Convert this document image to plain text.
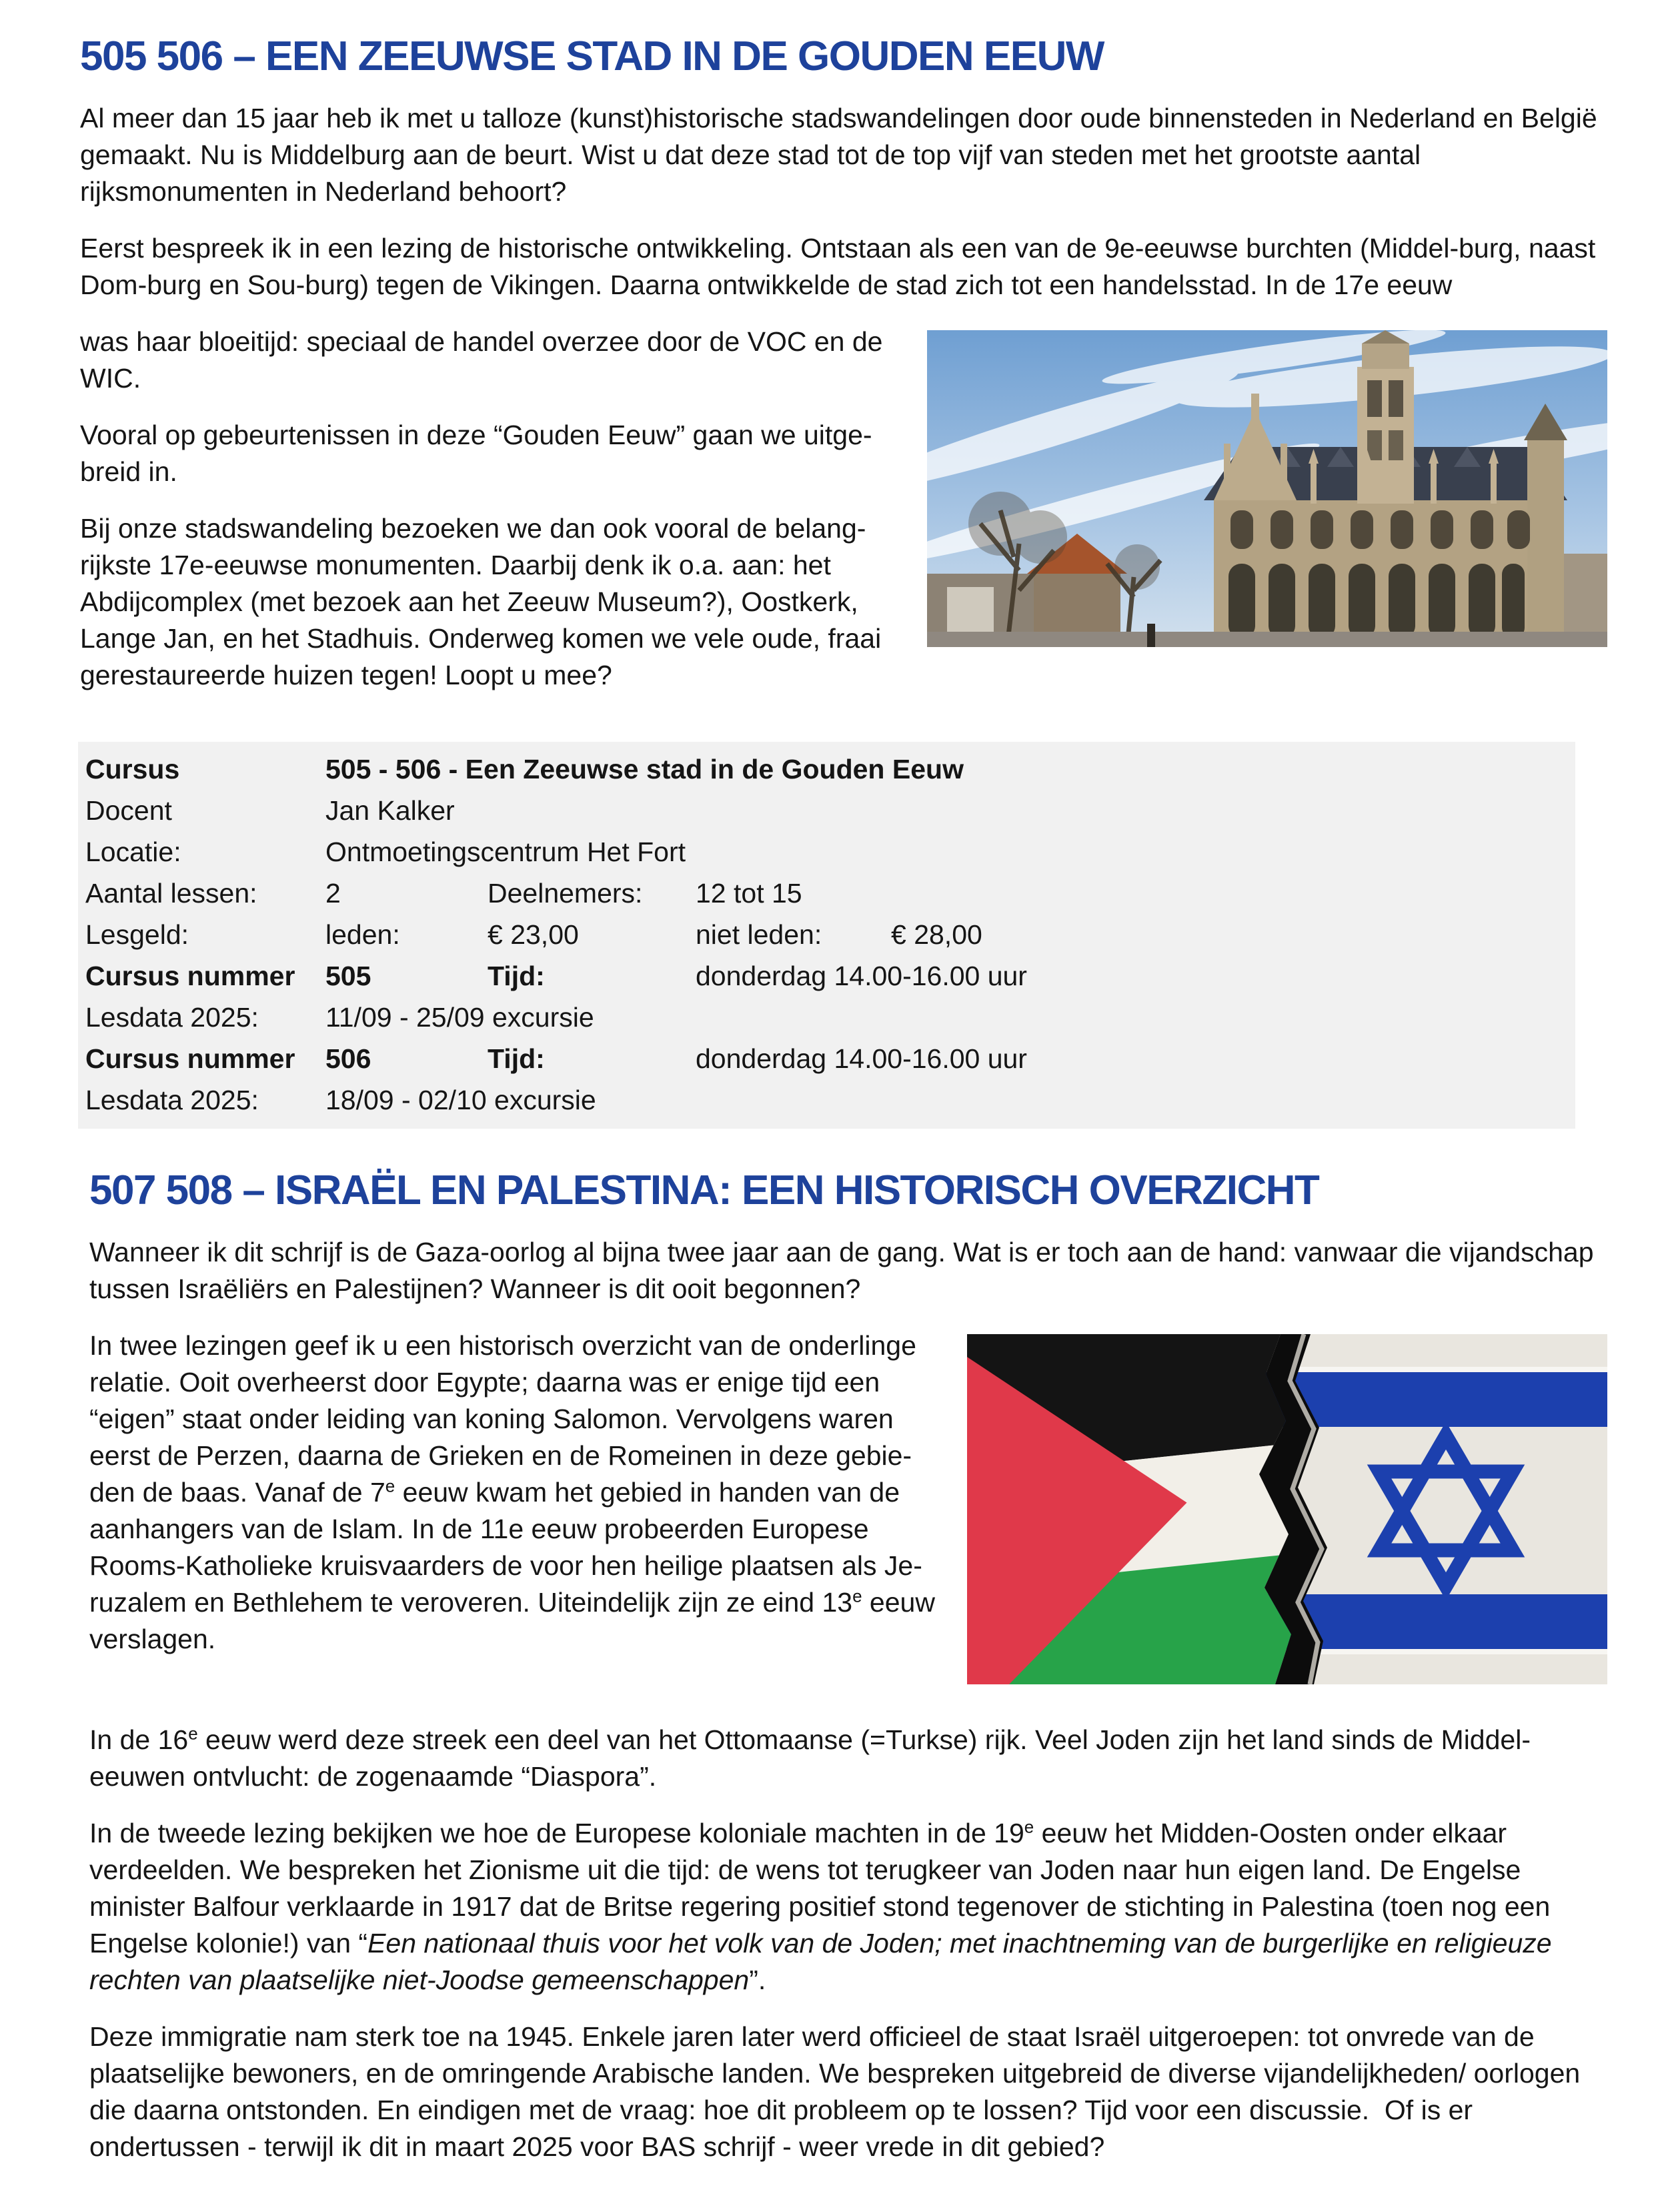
505 506 – EEN ZEEUWSE STAD IN DE GOUDEN EEUW

Al meer dan 15 jaar heb ik met u talloze (kunst)historische stadswandelingen door oude binnensteden in Nederland en België gemaakt. Nu is Middelburg aan de beurt. Wist u dat deze stad tot de top vijf van steden met het grootste aantal rijksmonumenten in Nederland behoort?

Eerst bespreek ik in een lezing de historische ontwikkeling. Ontstaan als een van de 9e-eeuwse burchten (Middel-burg, naast Dom-burg en Sou-burg) tegen de Vikingen. Daarna ontwikkelde de stad zich tot een handelsstad. In de 17e eeuw

was haar bloeitijd: speciaal de handel overzee door de VOC en de WIC.

Vooral op gebeurtenissen in deze “Gouden Eeuw” gaan we uitgebreid in.

Bij onze stadswandeling bezoeken we dan ook vooral de belangrijkste 17e-eeuwse monumenten. Daarbij denk ik o.a. aan: het Abdijcomplex (met bezoek aan het Zeeuw Museum?), Oostkerk, Lange Jan, en het Stadhuis. Onderweg komen we vele oude, fraai gerestaureerde huizen tegen! Loopt u mee?

Cursus	505 - 506 - Een Zeeuwse stad in de Gouden Eeuw
Docent	Jan Kalker
Locatie:	Ontmoetingscentrum Het Fort
Aantal lessen:	2	Deelnemers:	12 tot 15
Lesgeld:	leden:	€ 23,00	niet leden:	€ 28,00
Cursus nummer	505	Tijd:	donderdag 14.00-16.00 uur
Lesdata 2025:	11/09 - 25/09 excursie
Cursus nummer	506	Tijd:	donderdag 14.00-16.00 uur
Lesdata 2025:	18/09 - 02/10 excursie
507 508 – ISRAËL EN PALESTINA: EEN HISTORISCH OVERZICHT

Wanneer ik dit schrijf is de Gaza-oorlog al bijna twee jaar aan de gang. Wat is er toch aan de hand: vanwaar die vijandschap tussen Israëliërs en Palestijnen? Wanneer is dit ooit begonnen?

In twee lezingen geef ik u een historisch overzicht van de onderlinge relatie. Ooit overheerst door Egypte; daarna was er enige tijd een “eigen” staat onder leiding van koning Salomon. Vervolgens waren eerst de Perzen, daarna de Grieken en de Romeinen in deze gebieden de baas. Vanaf de 7e eeuw kwam het gebied in handen van de aanhangers van de Islam. In de 11e eeuw probeerden Europese Rooms-Katholieke kruisvaarders de voor hen heilige plaatsen als Jeruzalem en Bethlehem te veroveren. Uiteindelijk zijn ze eind 13e eeuw verslagen.

In de 16e eeuw werd deze streek een deel van het Ottomaanse (=Turkse) rijk. Veel Joden zijn het land sinds de Middeleeuwen ontvlucht: de zogenaamde “Diaspora”.

In de tweede lezing bekijken we hoe de Europese koloniale machten in de 19e eeuw het Midden-Oosten onder elkaar verdeelden. We bespreken het Zionisme uit die tijd: de wens tot terugkeer van Joden naar hun eigen land. De Engelse minister Balfour verklaarde in 1917 dat de Britse regering positief stond tegenover de stichting in Palestina (toen nog een Engelse kolonie!) van “Een nationaal thuis voor het volk van de Joden; met inachtneming van de burgerlijke en religieuze rechten van plaatselijke niet-Joodse gemeenschappen”.

Deze immigratie nam sterk toe na 1945. Enkele jaren later werd officieel de staat Israël uitgeroepen: tot onvrede van de plaatselijke bewoners, en de omringende Arabische landen. We bespreken uitgebreid de diverse vijandelijkheden/ oorlogen die daarna ontstonden. En eindigen met de vraag: hoe dit probleem op te lossen? Tijd voor een discussie.  Of is er ondertussen - terwijl ik dit in maart 2025 voor BAS schrijf - weer vrede in dit gebied?
